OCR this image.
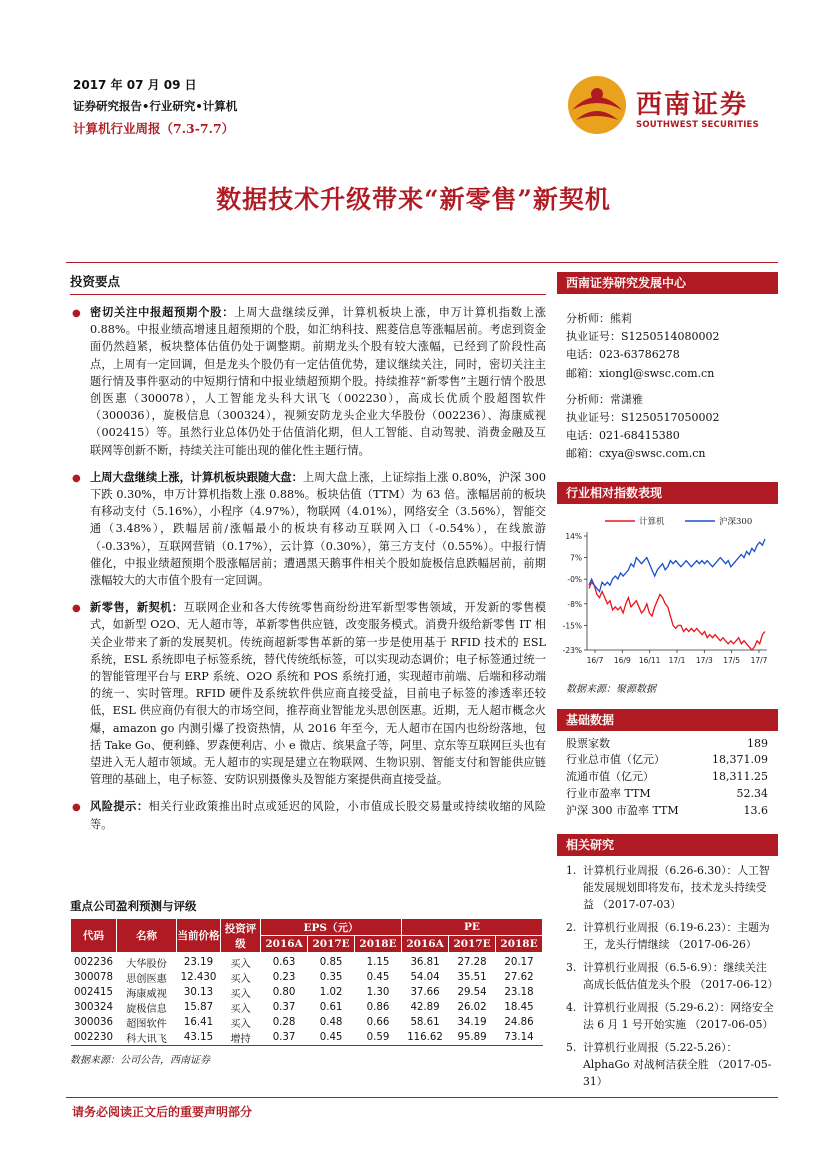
2017 年 07 月 09 日
证券研究报告•行业研究•计算机
计算机行业周报（7.3-7.7）
西南证券
SOUTHWEST SECURITIES
数据技术升级带来“新零售”新契机
投资要点
● 密切关注中报超预期个股：上周大盘继续反弹，计算机板块上涨，申万计算机指数上涨 0.88%。中报业绩高增速且超预期的个股，如汇纳科技、熙菱信息等涨幅居前。考虑到资金面仍然趋紧，板块整体估值仍处于调整期。前期龙头个股有较大涨幅，已经到了阶段性高点，上周有一定回调，但是龙头个股仍有一定估值优势，建议继续关注，同时，密切关注主题行情及事件驱动的中短期行情和中报业绩超预期个股。持续推荐“新零售”主题行情个股思创医惠（300078），人工智能龙头科大讯飞（002230），高成长优质个股超图软件（300036），旋极信息（300324），视频安防龙头企业大华股份（002236）、海康威视（002415）等。虽然行业总体仍处于估值消化期，但人工智能、自动驾驶、消费金融及互联网等创新不断，持续关注可能出现的催化性主题行情。
● 上周大盘继续上涨，计算机板块跟随大盘：上周大盘上涨，上证综指上涨 0.80%，沪深 300 下跌 0.30%，申万计算机指数上涨 0.88%。板块估值（TTM）为 63 倍。涨幅居前的板块有移动支付（5.16%），小程序（4.97%），物联网（4.01%），网络安全（3.56%），智能交通（3.48%），跌幅居前/涨幅最小的板块有移动互联网入口（-0.54%），在线旅游（-0.33%），互联网营销（0.17%），云计算（0.30%），第三方支付（0.55%）。中报行情催化，中报业绩超预期个股涨幅居前；遭遇黑天鹅事件相关个股如旋极信息跌幅居前，前期涨幅较大的大市值个股有一定回调。
● 新零售，新契机：互联网企业和各大传统零售商纷纷进军新型零售领域，开发新的零售模式，如新型 O2O、无人超市等，革新零售供应链，改变服务模式。消费升级给新零售 IT 相关企业带来了新的发展契机。传统商超新零售革新的第一步是使用基于 RFID 技术的 ESL 系统，ESL 系统即电子标签系统，替代传统纸标签，可以实现动态调价；电子标签通过统一的智能管理平台与 ERP 系统、O2O 系统和 POS 系统打通，实现超市前端、后端和移动端的统一、实时管理。RFID 硬件及系统软件供应商直接受益，目前电子标签的渗透率还较低，ESL 供应商仍有很大的市场空间，推荐商业智能龙头思创医惠。近期，无人超市概念火爆，amazon go 内测引爆了投资热情，从 2016 年至今，无人超市在国内也纷纷落地，包括 Take Go、便利蜂、罗森便利店、小 e 微店、缤果盒子等，阿里、京东等互联网巨头也有望进入无人超市领域。无人超市的实现是建立在物联网、生物识别、智能支付和智能供应链管理的基础上，电子标签、安防识别摄像头及智能方案提供商直接受益。
● 风险提示：相关行业政策推出时点或延迟的风险，小市值成长股交易量或持续收缩的风险等。
重点公司盈利预测与评级
代码	名称	当前价格	投资评级	EPS（元）			PE		
				2016A	2017E	2018E	2016A	2017E	2018E
002236	大华股份	23.19	买入	0.63	0.85	1.15	36.81	27.28	20.17
300078	思创医惠	12.430	买入	0.23	0.35	0.45	54.04	35.51	27.62
002415	海康威视	30.13	买入	0.80	1.02	1.30	37.66	29.54	23.18
300324	旋极信息	15.87	买入	0.37	0.61	0.86	42.89	26.02	18.45
300036	超图软件	16.41	买入	0.28	0.48	0.66	58.61	34.19	24.86
002230	科大讯飞	43.15	增持	0.37	0.45	0.59	116.62	95.89	73.14
数据来源：公司公告，西南证券
西南证券研究发展中心
分析师：熊莉
执业证号：S1250514080002
电话：023-63786278
邮箱：xiongl@swsc.com.cn
分析师：常潇雅
执业证号：S1250517050002
电话：021-68415380
邮箱：cxya@swsc.com.cn
行业相对指数表现
14%
7%
-0%
-8%
-15%
-23%
16/7 16/9 16/11 17/1 17/3 17/5 17/7
计算机	沪深300
数据来源：聚源数据
基础数据
股票家数	189
行业总市值（亿元）	18,371.09
流通市值（亿元）	18,311.25
行业市盈率 TTM	52.34
沪深 300 市盈率 TTM	13.6
相关研究
1. 计算机行业周报（6.26-6.30）：人工智能发展规划即将发布，技术龙头持续受益 （2017-07-03）
2. 计算机行业周报（6.19-6.23）：主题为王，龙头行情继续 （2017-06-26）
3. 计算机行业周报（6.5-6.9）：继续关注高成长低估值龙头个股 （2017-06-12）
4. 计算机行业周报（5.29-6.2）：网络安全法 6 月 1 号开始实施 （2017-06-05）
5. 计算机行业周报（5.22-5.26）：AlphaGo 对战柯洁获全胜 （2017-05-31）
请务必阅读正文后的重要声明部分
